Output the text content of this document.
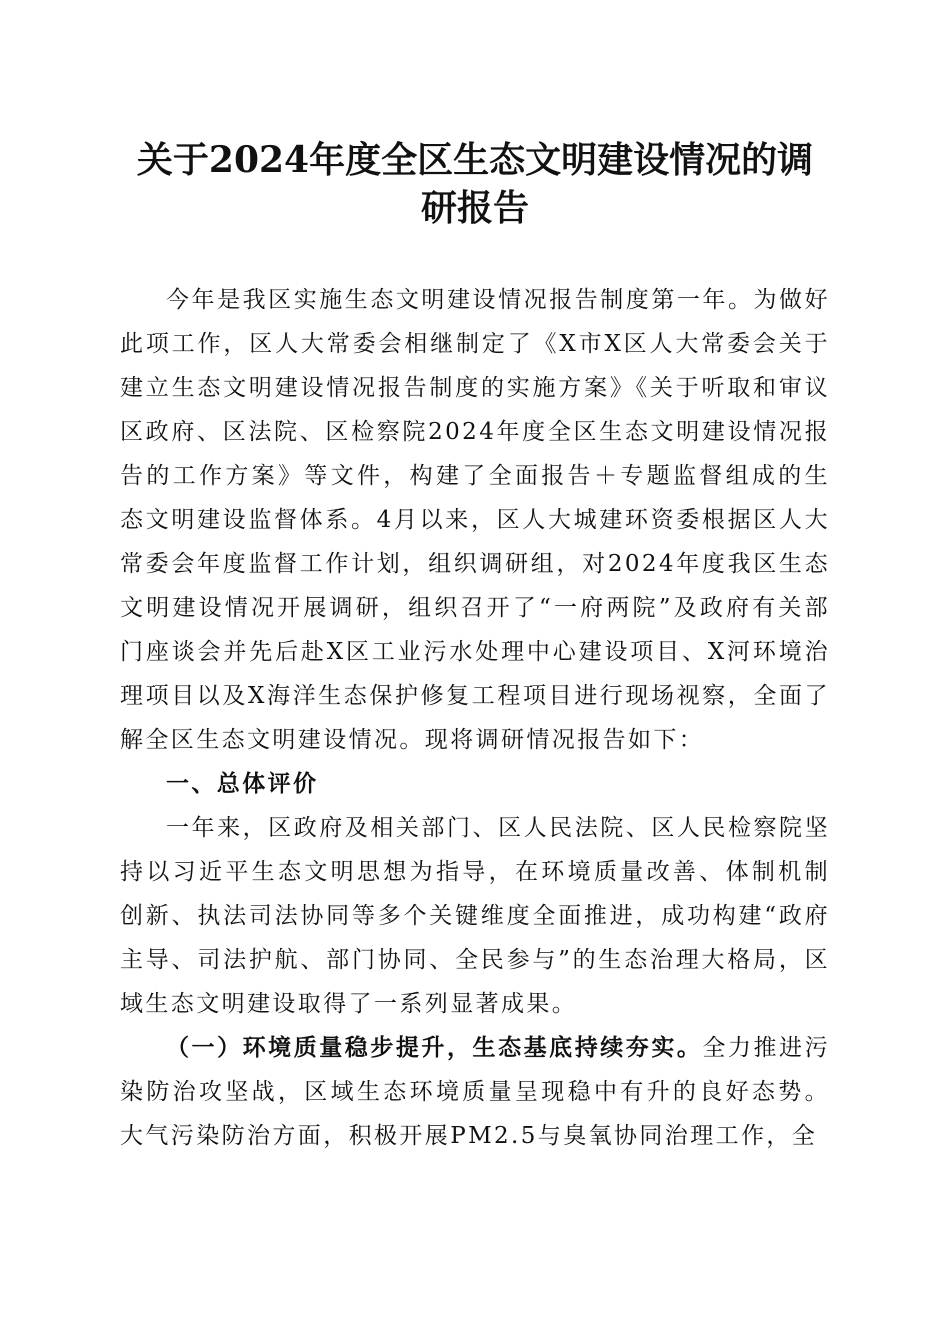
关于2024年度全区生态文明建设情况的调研报告

今年是我区实施生态文明建设情况报告制度第一年。为做好此项工作，区人大常委会相继制定了《X市X区人大常委会关于建立生态文明建设情况报告制度的实施方案》《关于听取和审议区政府、区法院、区检察院2024年度全区生态文明建设情况报告的工作方案》等文件，构建了全面报告＋专题监督组成的生态文明建设监督体系。4月以来，区人大城建环资委根据区人大常委会年度监督工作计划，组织调研组，对2024年度我区生态文明建设情况开展调研，组织召开了“一府两院”及政府有关部门座谈会并先后赴X区工业污水处理中心建设项目、X河环境治理项目以及X海洋生态保护修复工程项目进行现场视察，全面了解全区生态文明建设情况。现将调研情况报告如下：

一、总体评价

一年来，区政府及相关部门、区人民法院、区人民检察院坚持以习近平生态文明思想为指导，在环境质量改善、体制机制创新、执法司法协同等多个关键维度全面推进，成功构建“政府主导、司法护航、部门协同、全民参与”的生态治理大格局，区域生态文明建设取得了一系列显著成果。

（一）环境质量稳步提升，生态基底持续夯实。全力推进污染防治攻坚战，区域生态环境质量呈现稳中有升的良好态势。大气污染防治方面，积极开展PM2.5与臭氧协同治理工作，全
